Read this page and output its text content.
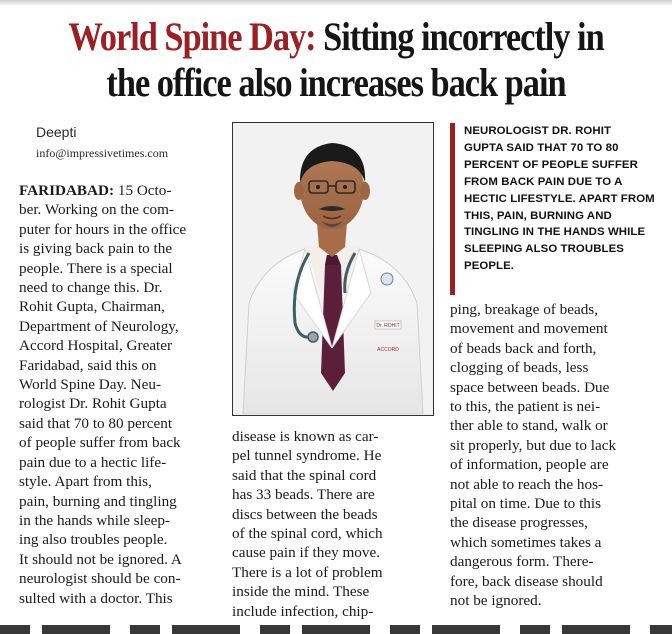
World Spine Day: Sitting incorrectly in
the office also increases back pain
Deepti
info@impressivetimes.com
Dr. ROHIT
ACCORD
NEUROLOGIST DR. ROHIT
GUPTA SAID THAT 70 TO 80
PERCENT OF PEOPLE SUFFER
FROM BACK PAIN DUE TO A
HECTIC LIFESTYLE. APART FROM
THIS, PAIN, BURNING AND
TINGLING IN THE HANDS WHILE
SLEEPING ALSO TROUBLES
PEOPLE.
FARIDABAD: 15 Octo-
ber. Working on the com-
puter for hours in the office
is giving back pain to the
people. There is a special
need to change this. Dr.
Rohit Gupta, Chairman,
Department of Neurology,
Accord Hospital, Greater
Faridabad, said this on
World Spine Day. Neu-
rologist Dr. Rohit Gupta
said that 70 to 80 percent
of people suffer from back
pain due to a hectic life-
style. Apart from this,
pain, burning and tingling
in the hands while sleep-
ing also troubles people.
It should not be ignored. A
neurologist should be con-
sulted with a doctor. This
disease is known as car-
pel tunnel syndrome. He
said that the spinal cord
has 33 beads. There are
discs between the beads
of the spinal cord, which
cause pain if they move.
There is a lot of problem
inside the mind. These
include infection, chip-
ping, breakage of beads,
movement and movement
of beads back and forth,
clogging of beads, less
space between beads. Due
to this, the patient is nei-
ther able to stand, walk or
sit properly, but due to lack
of information, people are
not able to reach the hos-
pital on time. Due to this
the disease progresses,
which sometimes takes a
dangerous form. There-
fore, back disease should
not be ignored.
